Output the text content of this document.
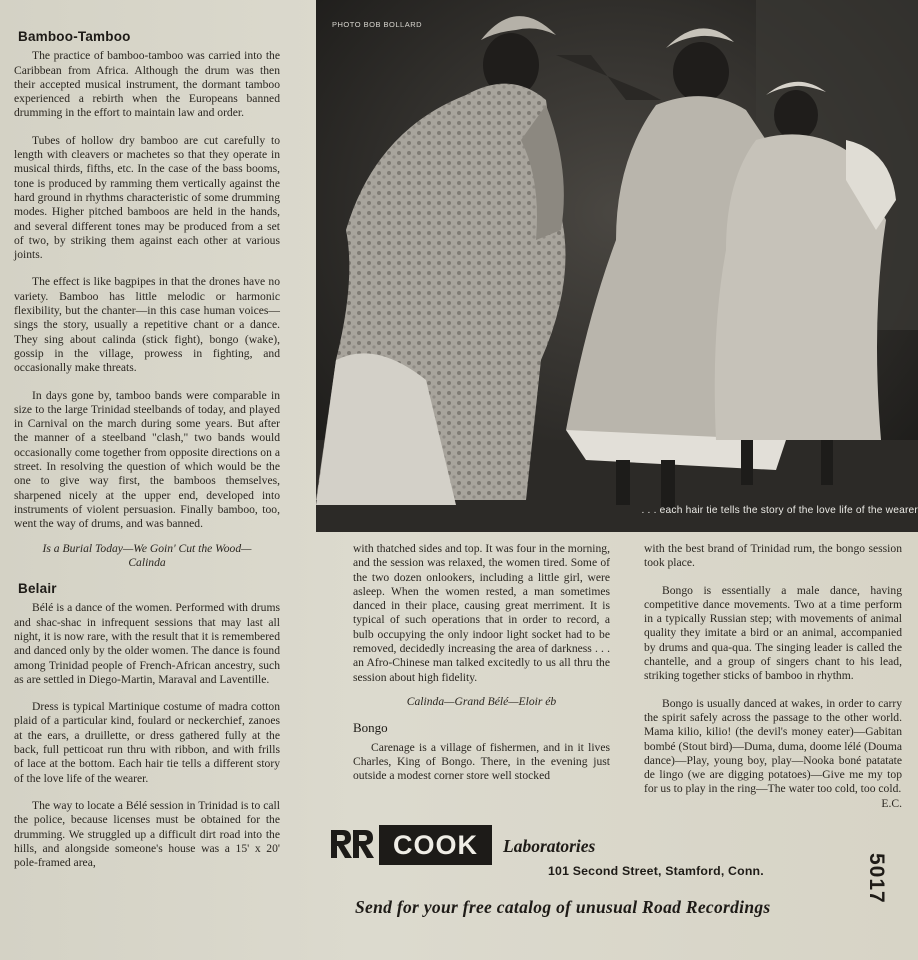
Bamboo-Tamboo

The practice of bamboo-tamboo was carried into the Caribbean from Africa. Although the drum was then their accepted musical instrument, the dormant tamboo experienced a rebirth when the Europeans banned drumming in the effort to maintain law and order.

Tubes of hollow dry bamboo are cut carefully to length with cleavers or machetes so that they operate in musical thirds, fifths, etc. In the case of the bass booms, tone is produced by ramming them vertically against the hard ground in rhythms characteristic of some drumming modes. Higher pitched bamboos are held in the hands, and several different tones may be produced from a set of two, by striking them against each other at various joints.

The effect is like bagpipes in that the drones have no variety. Bamboo has little melodic or harmonic flexibility, but the chanter—in this case human voices—sings the story, usually a repetitive chant or a dance. They sing about calinda (stick fight), bongo (wake), gossip in the village, prowess in fighting, and occasionally make threats.

In days gone by, tamboo bands were comparable in size to the large Trinidad steelbands of today, and played in Carnival on the march during some years. But after the manner of a steelband "clash," two bands would occasionally come together from opposite directions on a street. In resolving the question of which would be the one to give way first, the bamboos themselves, sharpened nicely at the upper end, developed into instruments of violent persuasion. Finally bamboo, too, went the way of drums, and was banned.

Is a Burial Today—We Goin' Cut the Wood—
Calinda
Belair

Bélé is a dance of the women. Performed with drums and shac-shac in infrequent sessions that may last all night, it is now rare, with the result that it is remembered and danced only by the older women. The dance is found among Trinidad people of French-African ancestry, such as are settled in Diego-Martin, Maraval and Laventille.

Dress is typical Martinique costume of madra cotton plaid of a particular kind, foulard or neckerchief, zanoes at the ears, a druillette, or dress gathered fully at the back, full petticoat run thru with ribbon, and with frills of lace at the bottom. Each hair tie tells a different story of the love life of the wearer.

The way to locate a Bélé session in Trinidad is to call the police, because licenses must be obtained for the drumming. We struggled up a difficult dirt road into the hills, and alongside someone's house was a 15' x 20' pole-framed area,

PHOTO BOB BOLLARD
. . . each hair tie tells the story of the love life of the wearer

with thatched sides and top. It was four in the morning, and the session was relaxed, the women tired. Some of the two dozen onlookers, including a little girl, were asleep. When the women rested, a man sometimes danced in their place, causing great merriment. It is typical of such operations that in order to record, a bulb occupying the only indoor light socket had to be removed, decidedly increasing the area of darkness . . . an Afro-Chinese man talked excitedly to us all thru the session about high fidelity.

Calinda—Grand Bélé—Eloir éb
Bongo

Carenage is a village of fishermen, and in it lives Charles, King of Bongo. There, in the evening just outside a modest corner store well stocked

with the best brand of Trinidad rum, the bongo session took place.

Bongo is essentially a male dance, having competitive dance movements. Two at a time perform in a typically Russian step; with movements of animal quality they imitate a bird or an animal, accompanied by drums and qua-qua. The singing leader is called the chantelle, and a group of singers chant to his lead, striking together sticks of bamboo in rhythm.

Bongo is usually danced at wakes, in order to carry the spirit safely across the passage to the other world. Mama kilio, kilio! (the devil's money eater)—Gabitan bombé (Stout bird)—Duma, duma, doome lélé (Douma dance)—Play, young boy, play—Nooka boné patatate de lingo (we are digging potatoes)—Give me my top for us to play in the ring—The water too cold, too cold.
E.C.

COOK	Laboratories
101 Second Street, Stamford, Conn.
Send for your free catalog of unusual Road Recordings
5017
